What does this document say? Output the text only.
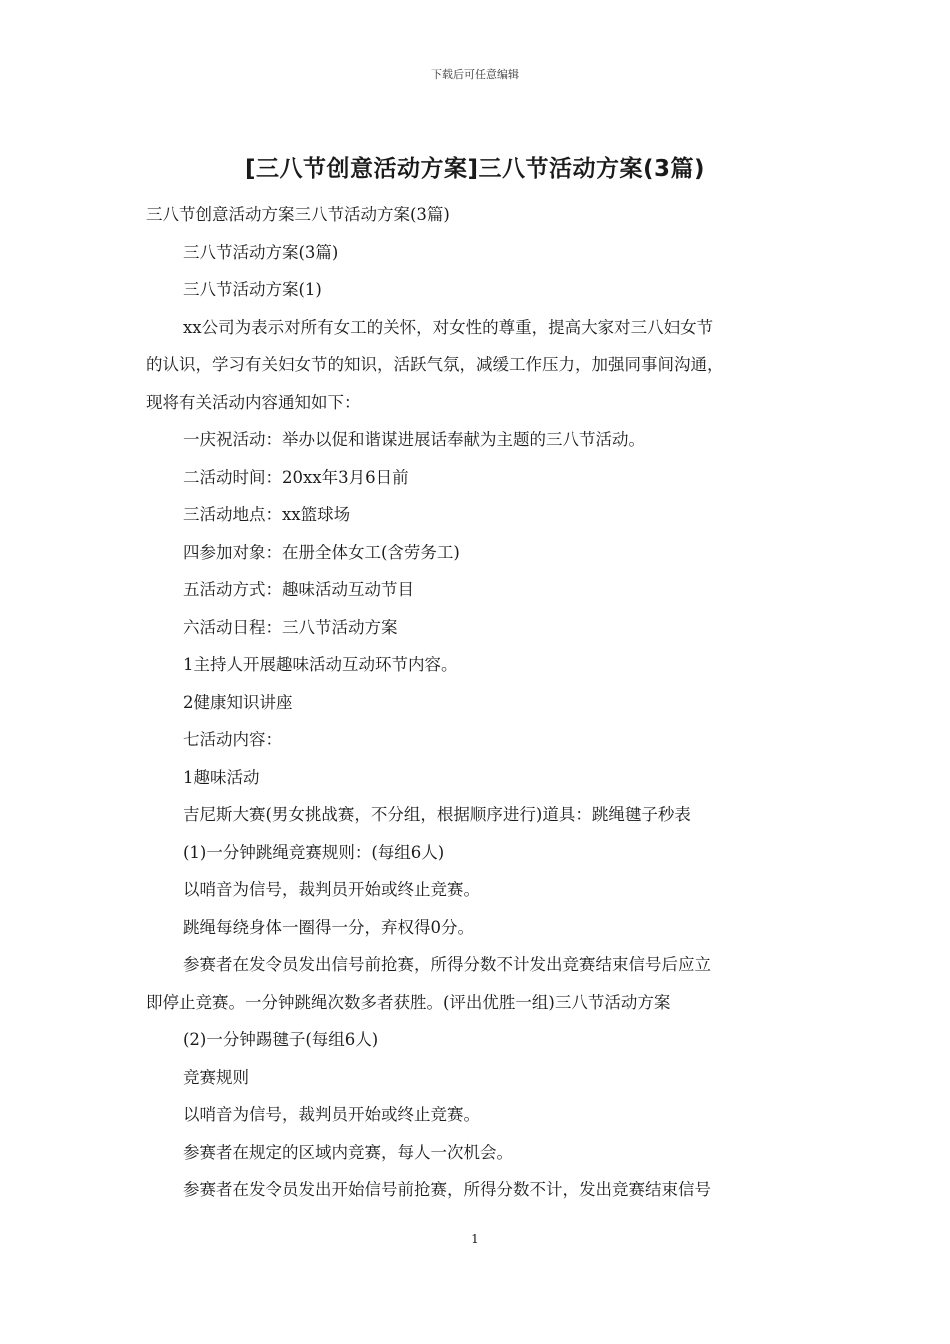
下载后可任意编辑
[三八节创意活动方案]三八节活动方案(3篇)

三八节创意活动方案三八节活动方案(3篇)

三八节活动方案(3篇)

三八节活动方案(1)

xx公司为表示对所有女工的关怀，对女性的尊重，提高大家对三八妇女节

的认识，学习有关妇女节的知识，活跃气氛，减缓工作压力，加强同事间沟通，

现将有关活动内容通知如下：

一庆祝活动：举办以促和谐谋进展话奉献为主题的三八节活动。

二活动时间：20xx年3月6日前

三活动地点：xx篮球场

四参加对象：在册全体女工(含劳务工)

五活动方式：趣味活动互动节目

六活动日程：三八节活动方案

1主持人开展趣味活动互动环节内容。

2健康知识讲座

七活动内容：

1趣味活动

吉尼斯大赛(男女挑战赛，不分组，根据顺序进行)道具：跳绳毽子秒表

(1)一分钟跳绳竞赛规则：(每组6人)

以哨音为信号，裁判员开始或终止竞赛。

跳绳每绕身体一圈得一分，弃权得0分。

参赛者在发令员发出信号前抢赛，所得分数不计发出竞赛结束信号后应立

即停止竞赛。一分钟跳绳次数多者获胜。(评出优胜一组)三八节活动方案

(2)一分钟踢毽子(每组6人)

竞赛规则

以哨音为信号，裁判员开始或终止竞赛。

参赛者在规定的区域内竞赛，每人一次机会。

参赛者在发令员发出开始信号前抢赛，所得分数不计，发出竞赛结束信号

1
